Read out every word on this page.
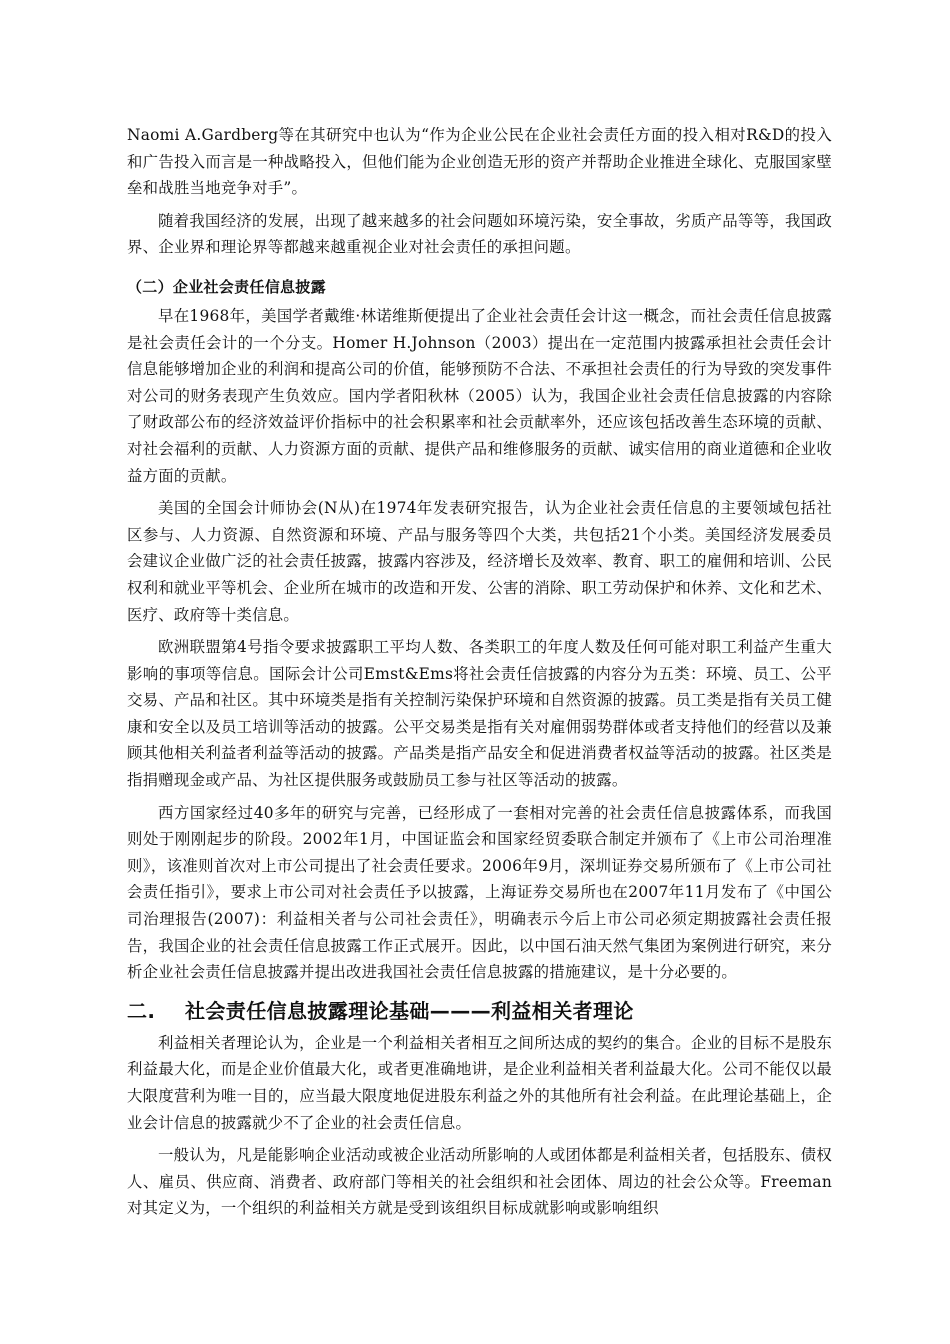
Naomi A.Gardberg等在其研究中也认为“作为企业公民在企业社会责任方面的投入相对R&D的投入和广告投入而言是一种战略投入，但他们能为企业创造无形的资产并帮助企业推进全球化、克服国家壁垒和战胜当地竞争对手”。

随着我国经济的发展，出现了越来越多的社会问题如环境污染，安全事故，劣质产品等等，我国政界、企业界和理论界等都越来越重视企业对社会责任的承担问题。

（二）企业社会责任信息披露

早在1968年，美国学者戴维·林诺维斯便提出了企业社会责任会计这一概念，而社会责任信息披露是社会责任会计的一个分支。Homer H.Johnson（2003）提出在一定范围内披露承担社会责任会计信息能够增加企业的利润和提高公司的价值，能够预防不合法、不承担社会责任的行为导致的突发事件对公司的财务表现产生负效应。国内学者阳秋林（2005）认为，我国企业社会责任信息披露的内容除了财政部公布的经济效益评价指标中的社会积累率和社会贡献率外，还应该包括改善生态环境的贡献、对社会福利的贡献、人力资源方面的贡献、提供产品和维修服务的贡献、诚实信用的商业道德和企业收益方面的贡献。

美国的全国会计师协会(N从)在1974年发表研究报告，认为企业社会责任信息的主要领域包括社区参与、人力资源、自然资源和环境、产品与服务等四个大类，共包括21个小类。美国经济发展委员会建议企业做广泛的社会责任披露，披露内容涉及，经济增长及效率、教育、职工的雇佣和培训、公民权利和就业平等机会、企业所在城市的改造和开发、公害的消除、职工劳动保护和休养、文化和艺术、医疗、政府等十类信息。

欧洲联盟第4号指令要求披露职工平均人数、各类职工的年度人数及任何可能对职工利益产生重大影响的事项等信息。国际会计公司Emst&Ems将社会责任信披露的内容分为五类：环境、员工、公平交易、产品和社区。其中环境类是指有关控制污染保护环境和自然资源的披露。员工类是指有关员工健康和安全以及员工培训等活动的披露。公平交易类是指有关对雇佣弱势群体或者支持他们的经营以及兼顾其他相关利益者利益等活动的披露。产品类是指产品安全和促进消费者权益等活动的披露。社区类是指捐赠现金或产品、为社区提供服务或鼓励员工参与社区等活动的披露。

西方国家经过40多年的研究与完善，已经形成了一套相对完善的社会责任信息披露体系，而我国则处于刚刚起步的阶段。2002年1月，中国证监会和国家经贸委联合制定并颁布了《上市公司治理准则》，该准则首次对上市公司提出了社会责任要求。2006年9月，深圳证券交易所颁布了《上市公司社会责任指引》，要求上市公司对社会责任予以披露，上海证券交易所也在2007年11月发布了《中国公司治理报告(2007)：利益相关者与公司社会责任》，明确表示今后上市公司必须定期披露社会责任报告，我国企业的社会责任信息披露工作正式展开。因此，以中国石油天然气集团为案例进行研究，来分析企业社会责任信息披露并提出改进我国社会责任信息披露的措施建议，是十分必要的。

二.	社会责任信息披露理论基础———利益相关者理论

利益相关者理论认为，企业是一个利益相关者相互之间所达成的契约的集合。企业的目标不是股东利益最大化，而是企业价值最大化，或者更准确地讲，是企业利益相关者利益最大化。公司不能仅以最大限度营利为唯一目的，应当最大限度地促进股东利益之外的其他所有社会利益。在此理论基础上，企业会计信息的披露就少不了企业的社会责任信息。

一般认为，凡是能影响企业活动或被企业活动所影响的人或团体都是利益相关者，包括股东、债权人、雇员、供应商、消费者、政府部门等相关的社会组织和社会团体、周边的社会公众等。Freeman对其定义为，一个组织的利益相关方就是受到该组织目标成就影响或影响组织
